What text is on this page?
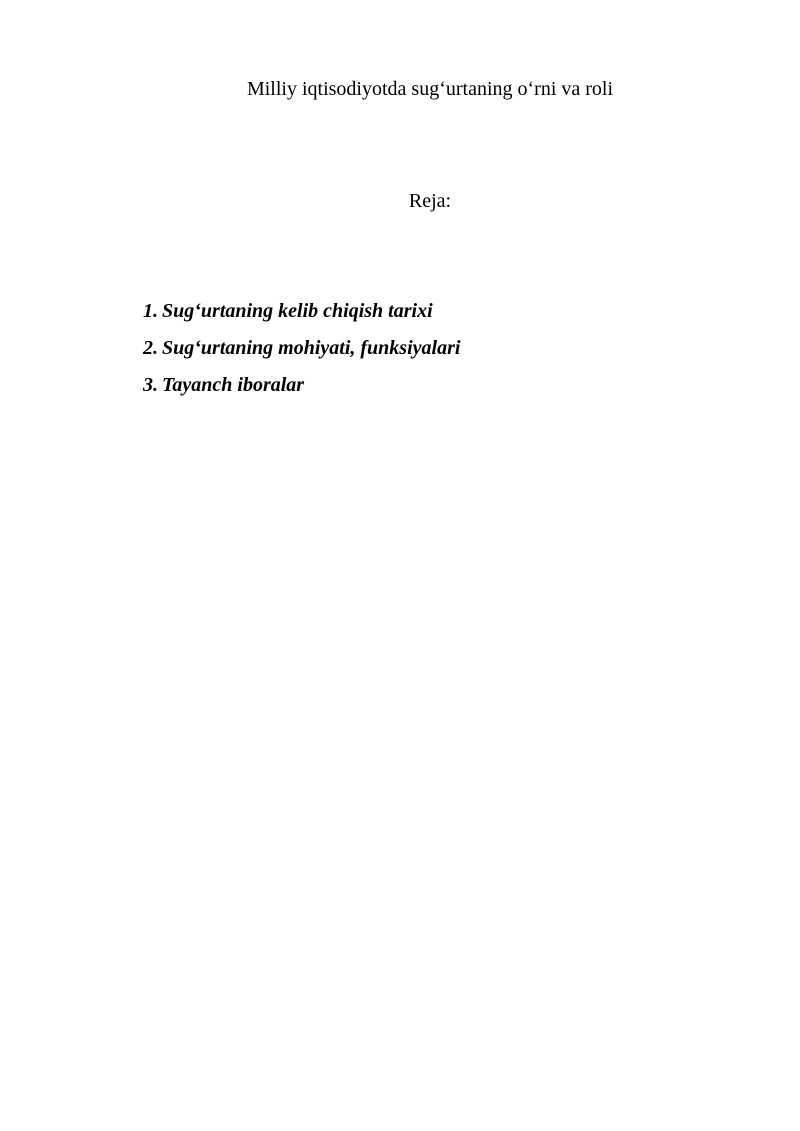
Milliy iqtisodiyotda sug‘urtaning o‘rni va roli
Reja:
1. Sug‘urtaning kelib chiqish tarixi
2. Sug‘urtaning mohiyati, funksiyalari
3. Tayanch iboralar
